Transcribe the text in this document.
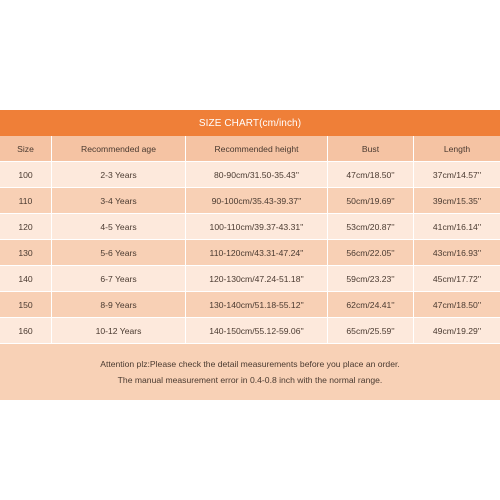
SIZE CHART(cm/inch)
Size	Recommended age	Recommended height	Bust	Length
100	2-3 Years	80-90cm/31.50-35.43''	47cm/18.50''	37cm/14.57''
110	3-4 Years	90-100cm/35.43-39.37''	50cm/19.69''	39cm/15.35''
120	4-5 Years	100-110cm/39.37-43.31''	53cm/20.87''	41cm/16.14''
130	5-6 Years	110-120cm/43.31-47.24''	56cm/22.05''	43cm/16.93''
140	6-7 Years	120-130cm/47.24-51.18''	59cm/23.23''	45cm/17.72''
150	8-9 Years	130-140cm/51.18-55.12''	62cm/24.41''	47cm/18.50''
160	10-12 Years	140-150cm/55.12-59.06''	65cm/25.59''	49cm/19.29''
Attention plz:Please check the detail measurements before you place an order.
The manual measurement error in 0.4-0.8 inch with the normal range.
